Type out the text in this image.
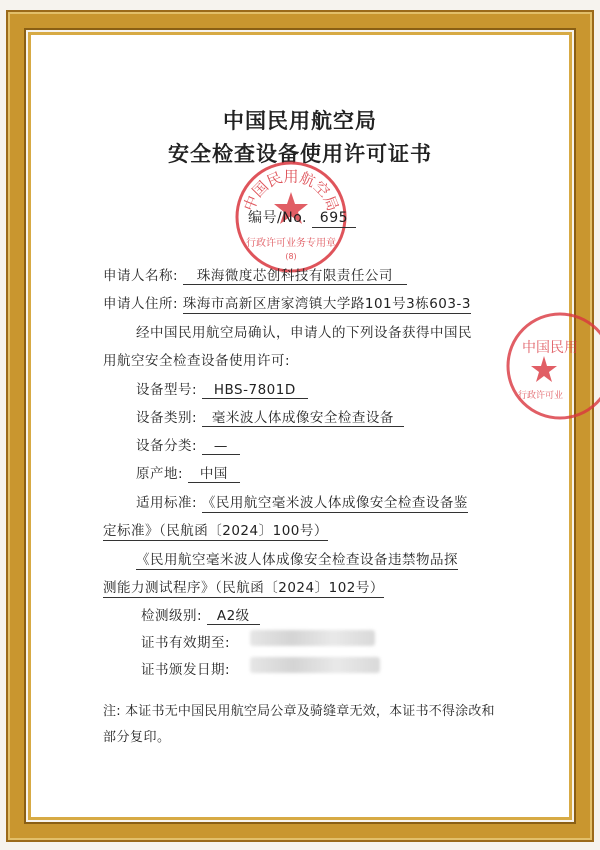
中国民用航空局
安全检查设备使用许可证书
中国民用航空局
行政许可业务专用章
(8)
编号/No. 695
申请人名称: 珠海微度芯创科技有限责任公司
申请人住所: 珠海市高新区唐家湾镇大学路101号3栋603-3
经中国民用航空局确认，申请人的下列设备获得中国民
用航空安全检查设备使用许可:
中国民用
行政许可业
设备型号: HBS-7801D
设备类别: 毫米波人体成像安全检查设备
设备分类: —
原产地: 中国
适用标准: 《民用航空毫米波人体成像安全检查设备鉴
定标准》（民航函〔2024〕100号）
《民用航空毫米波人体成像安全检查设备违禁物品探
测能力测试程序》（民航函〔2024〕102号）
检测级别: A2级
证书有效期至:
证书颁发日期:
注: 本证书无中国民用航空局公章及骑缝章无效，本证书不得涂改和
部分复印。
